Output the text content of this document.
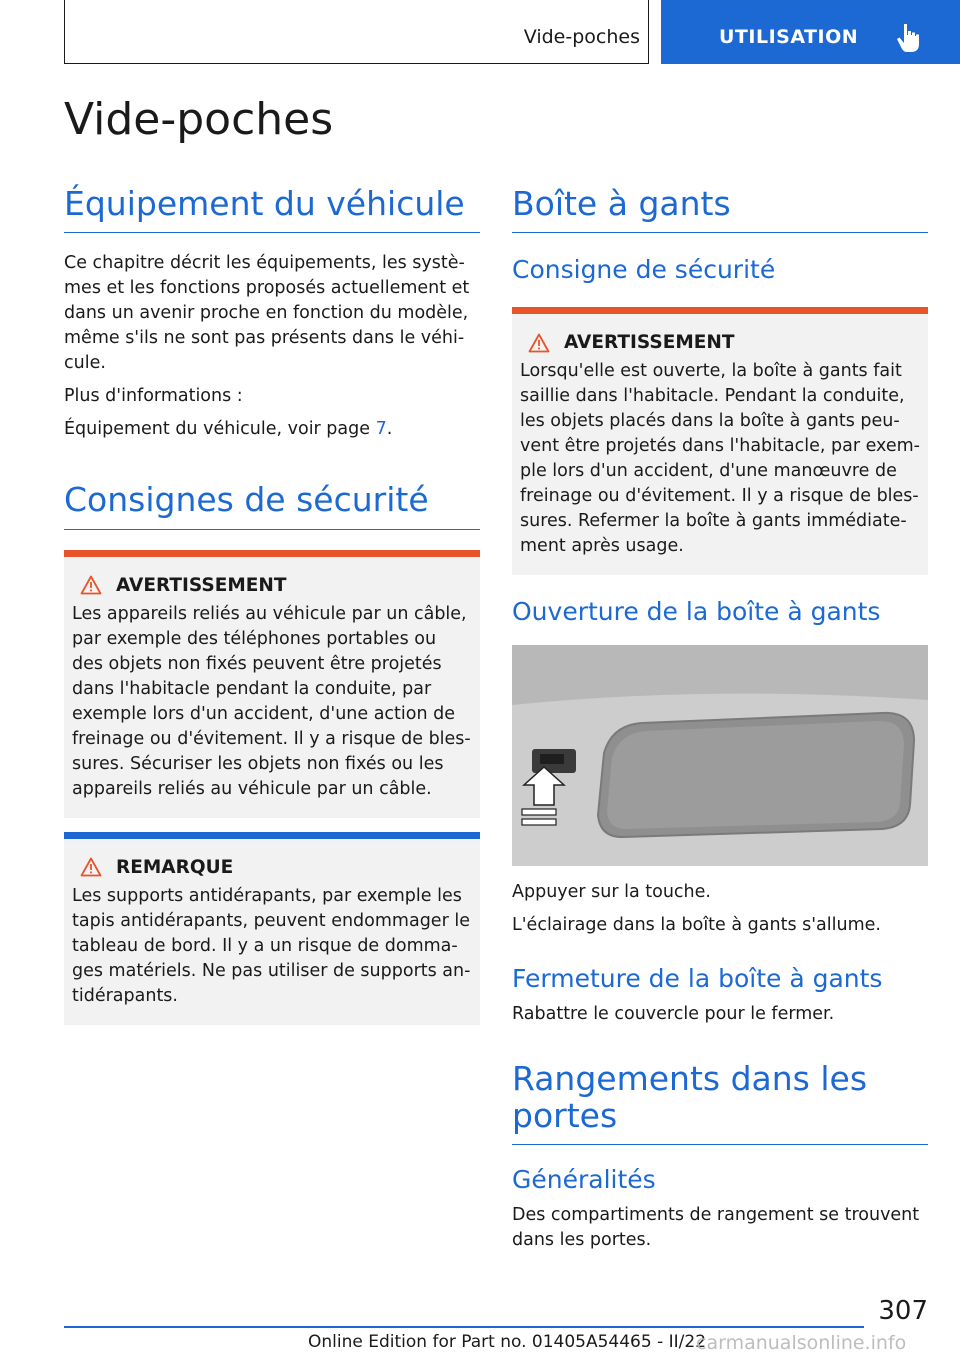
Vide-poches	UTILISATION
Vide-poches
Équipement du véhicule

Ce chapitre décrit les équipements, les systè-mes et les fonctions proposés actuellement et dans un avenir proche en fonction du modèle, même s'ils ne sont pas présents dans le véhi-cule.

Plus d'informations :

Équipement du véhicule, voir page 7.

Consignes de sécurité
AVERTISSEMENT

Les appareils reliés au véhicule par un câble, par exemple des téléphones portables ou des objets non fixés peuvent être projetés dans l'habitacle pendant la conduite, par exemple lors d'un accident, d'une action de freinage ou d'évitement. Il y a risque de bles-sures. Sécuriser les objets non fixés ou les appareils reliés au véhicule par un câble.

REMARQUE

Les supports antidérapants, par exemple les tapis antidérapants, peuvent endommager le tableau de bord. Il y a un risque de domma-ges matériels. Ne pas utiliser de supports an-tidérapants.

Boîte à gants
Consigne de sécurité
AVERTISSEMENT

Lorsqu'elle est ouverte, la boîte à gants fait saillie dans l'habitacle. Pendant la conduite, les objets placés dans la boîte à gants peu-vent être projetés dans l'habitacle, par exem-ple lors d'un accident, d'une manœuvre de freinage ou d'évitement. Il y a risque de bles-sures. Refermer la boîte à gants immédiate-ment après usage.

Ouverture de la boîte à gants

Appuyer sur la touche.

L'éclairage dans la boîte à gants s'allume.

Fermeture de la boîte à gants

Rabattre le couvercle pour le fermer.

Rangements dans les portes
Généralités

Des compartiments de rangement se trouvent dans les portes.

307
Online Edition for Part no. 01405A54465 - II/22
carmanualsonline.info
